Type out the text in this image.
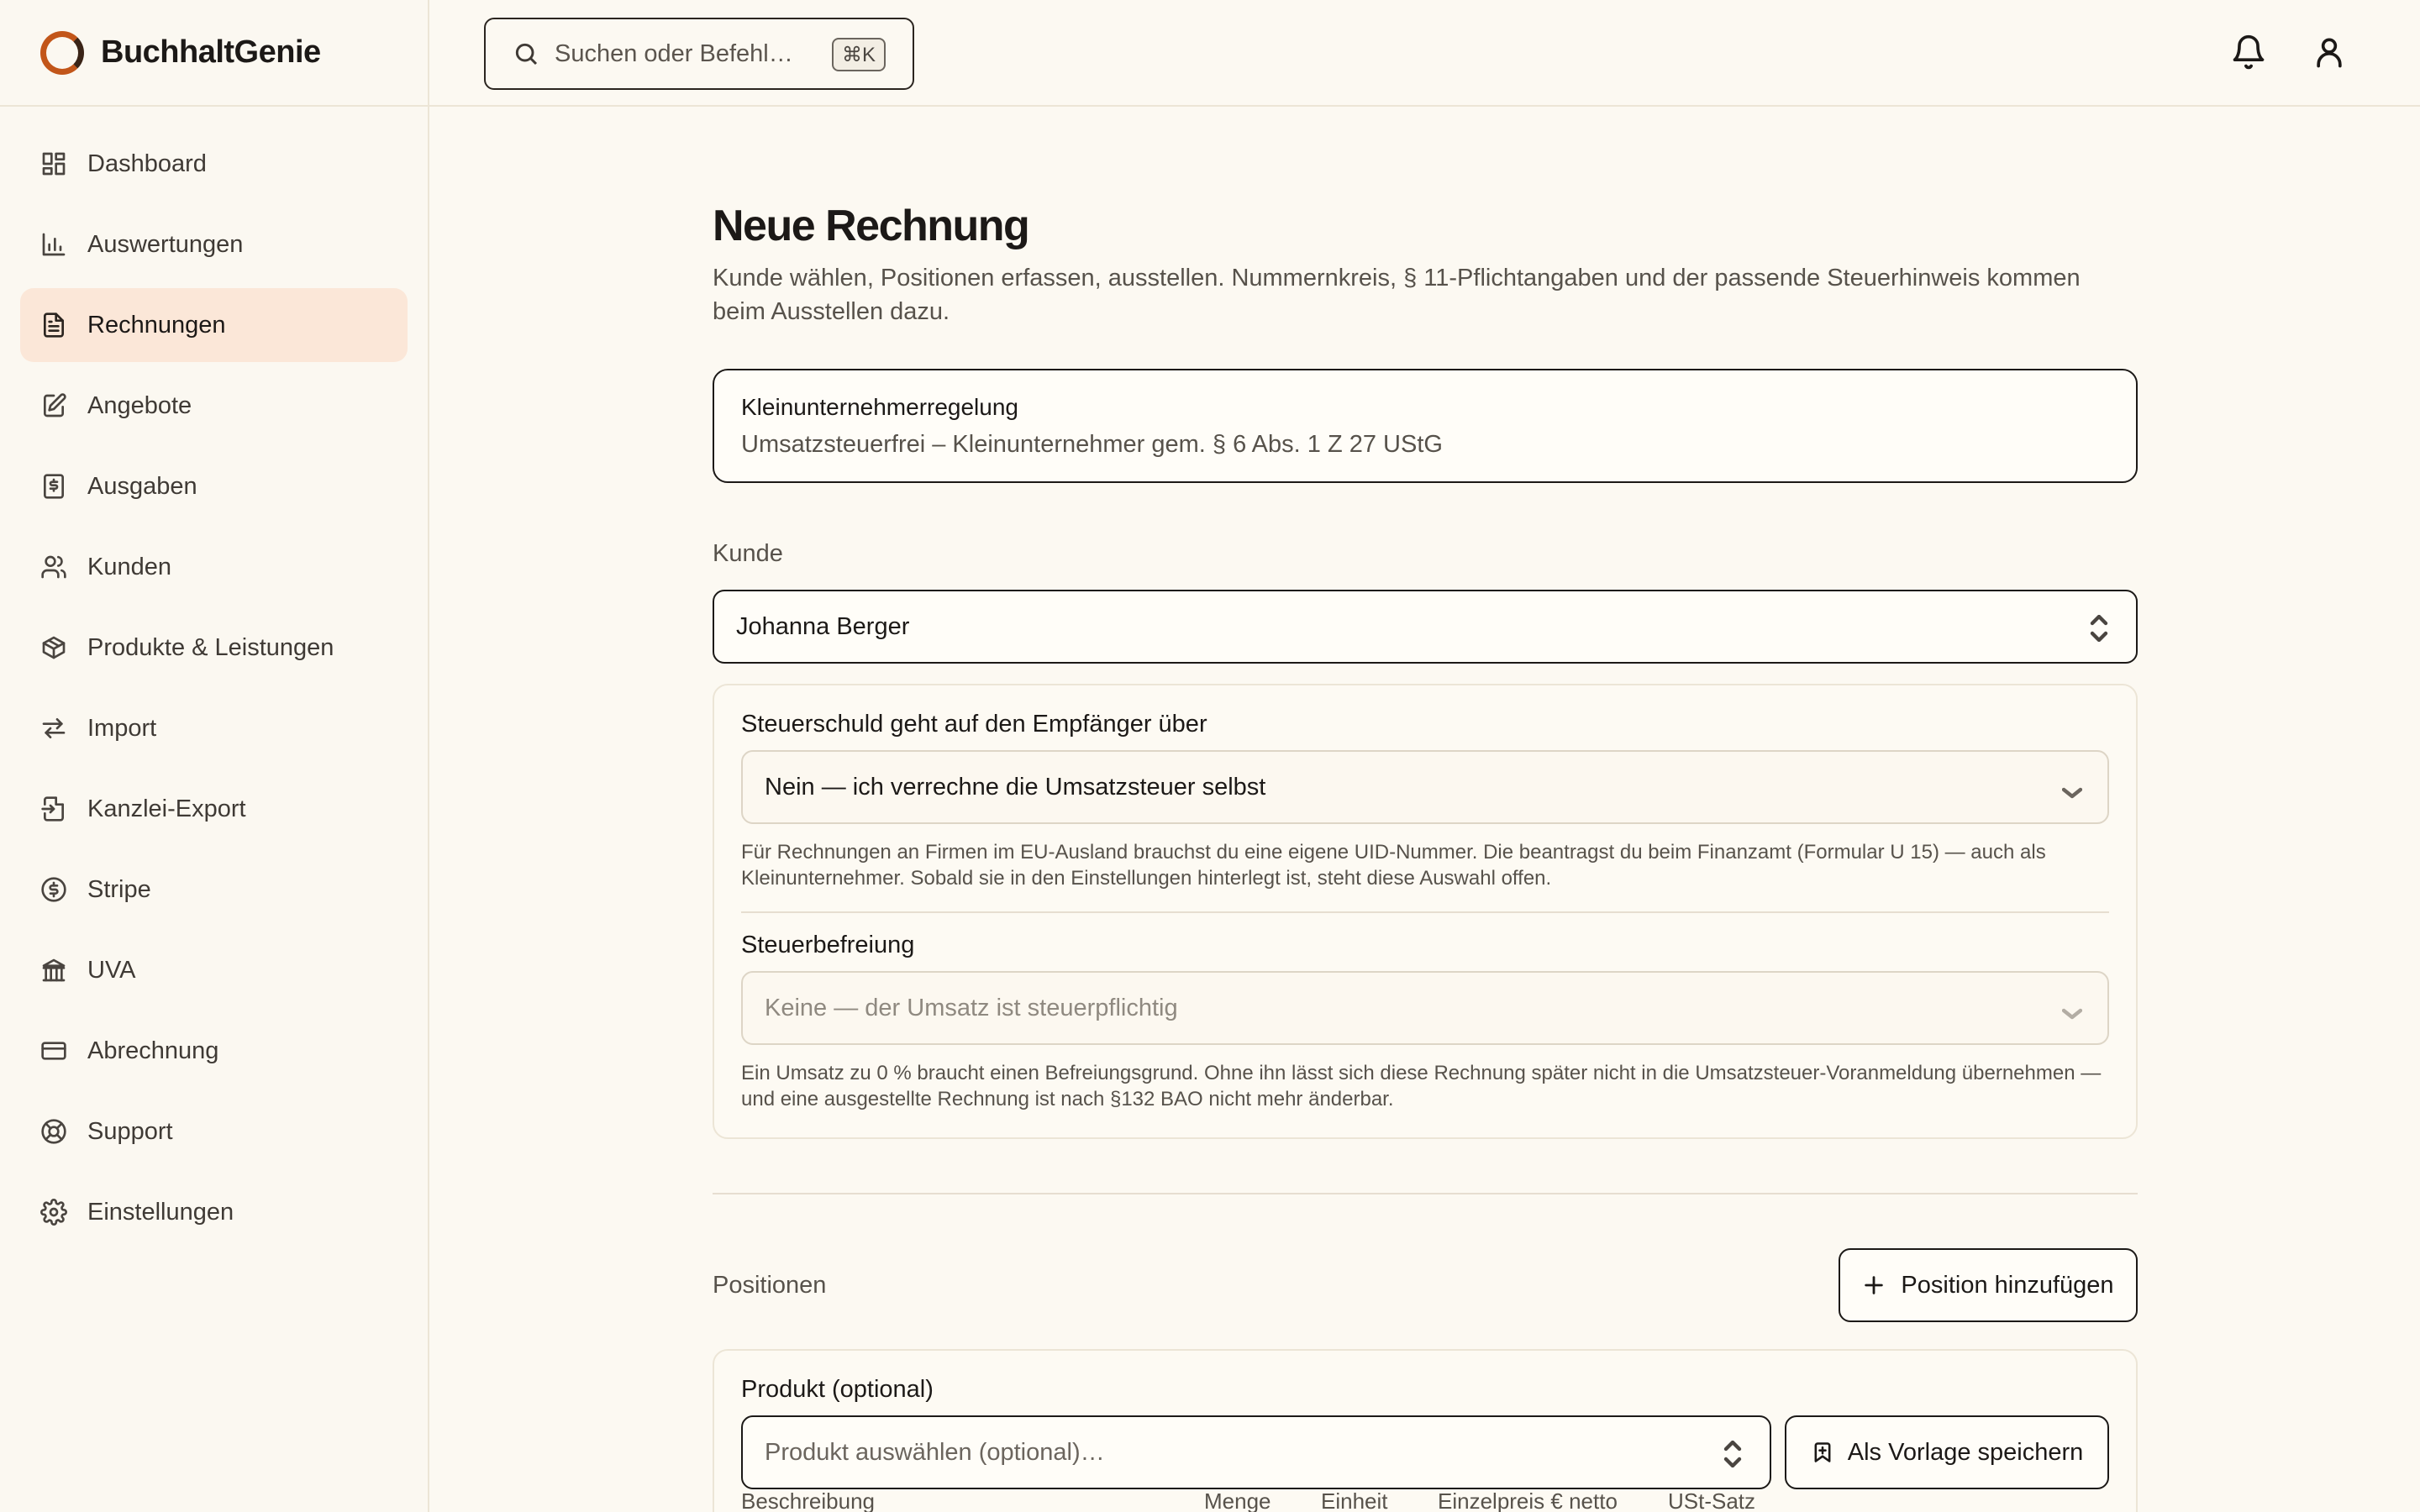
BuchhaltGenie
Dashboard
Auswertungen
Rechnungen
Angebote
Ausgaben
Kunden
Produkte & Leistungen
Import
Kanzlei-Export
Stripe
UVA
Abrechnung
Support
Einstellungen
Suchen oder Befehl…	⌘K
Neue Rechnung

Kunde wählen, Positionen erfassen, ausstellen. Nummernkreis, § 11-Pflichtangaben und der passende Steuerhinweis kommen beim Ausstellen dazu.

Kleinunternehmerregelung
Umsatzsteuerfrei – Kleinunternehmer gem. § 6 Abs. 1 Z 27 UStG
Kunde
Johanna Berger
Steuerschuld geht auf den Empfänger über
Nein — ich verrechne die Umsatzsteuer selbst

Für Rechnungen an Firmen im EU-Ausland brauchst du eine eigene UID-Nummer. Die beantragst du beim Finanzamt (Formular U 15) — auch als Kleinunternehmer. Sobald sie in den Einstellungen hinterlegt ist, steht diese Auswahl offen.

Steuerbefreiung
Keine — der Umsatz ist steuerpflichtig

Ein Umsatz zu 0 % braucht einen Befreiungsgrund. Ohne ihn lässt sich diese Rechnung später nicht in die Umsatzsteuer-Voranmeldung übernehmen — und eine ausgestellte Rechnung ist nach §132 BAO nicht mehr änderbar.

Positionen	Position hinzufügen
Produkt (optional)
Produkt auswählen (optional)…	Als Vorlage speichern
Beschreibung	Menge Einheit Einzelpreis € netto USt-Satz
